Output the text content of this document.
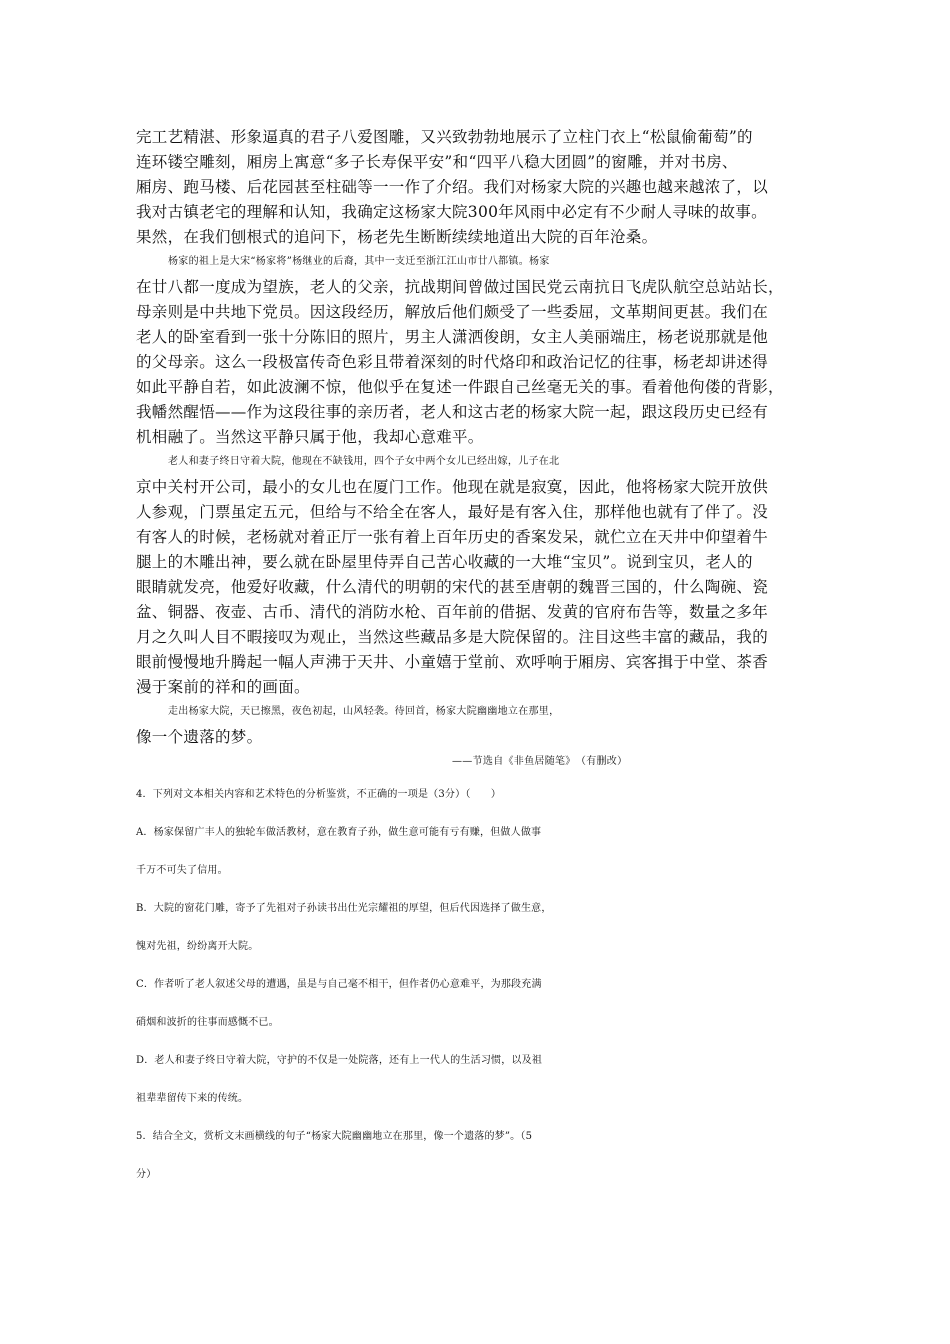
完工艺精湛、形象逼真的君子八爱图雕，又兴致勃勃地展示了立柱门衣上“松鼠偷葡萄”的
连环镂空雕刻，厢房上寓意“多子长寿保平安”和“四平八稳大团圆”的窗雕，并对书房、
厢房、跑马楼、后花园甚至柱础等一一作了介绍。我们对杨家大院的兴趣也越来越浓了，以
我对古镇老宅的理解和认知，我确定这杨家大院300年风雨中必定有不少耐人寻味的故事。
果然，在我们刨根式的追问下，杨老先生断断续续地道出大院的百年沧桑。
杨家的祖上是大宋“杨家将”杨继业的后裔，其中一支迁至浙江江山市廿八都镇。杨家
在廿八都一度成为望族，老人的父亲，抗战期间曾做过国民党云南抗日飞虎队航空总站站长，
母亲则是中共地下党员。因这段经历，解放后他们颇受了一些委屈，文革期间更甚。我们在
老人的卧室看到一张十分陈旧的照片，男主人潇洒俊朗，女主人美丽端庄，杨老说那就是他
的父母亲。这么一段极富传奇色彩且带着深刻的时代烙印和政治记忆的往事，杨老却讲述得
如此平静自若，如此波澜不惊，他似乎在复述一件跟自己丝毫无关的事。看着他佝偻的背影，
我幡然醒悟——作为这段往事的亲历者，老人和这古老的杨家大院一起，跟这段历史已经有
机相融了。当然这平静只属于他，我却心意难平。
老人和妻子终日守着大院，他现在不缺钱用，四个子女中两个女儿已经出嫁，儿子在北
京中关村开公司，最小的女儿也在厦门工作。他现在就是寂寞，因此，他将杨家大院开放供
人参观，门票虽定五元，但给与不给全在客人，最好是有客入住，那样他也就有了伴了。没
有客人的时候，老杨就对着正厅一张有着上百年历史的香案发呆，就伫立在天井中仰望着牛
腿上的木雕出神，要么就在卧屋里侍弄自己苦心收藏的一大堆“宝贝”。说到宝贝，老人的
眼睛就发亮，他爱好收藏，什么清代的明朝的宋代的甚至唐朝的魏晋三国的，什么陶碗、瓷
盆、铜器、夜壶、古币、清代的消防水枪、百年前的借据、发黄的官府布告等，数量之多年
月之久叫人目不暇接叹为观止，当然这些藏品多是大院保留的。注目这些丰富的藏品，我的
眼前慢慢地升腾起一幅人声沸于天井、小童嬉于堂前、欢呼响于厢房、宾客揖于中堂、茶香
漫于案前的祥和的画面。
走出杨家大院，天已擦黑，夜色初起，山风轻袭。待回首，杨家大院幽幽地立在那里，
像一个遗落的梦。
——节选自《非鱼居随笔》　（有删改）
4．下列对文本相关内容和艺术特色的分析鉴赏，不正确的一项是（3分）（　　）
A．杨家保留广丰人的独轮车做活教材，意在教育子孙，做生意可能有亏有赚，但做人做事
千万不可失了信用。
B．大院的窗花门雕，寄予了先祖对子孙读书出仕光宗耀祖的厚望，但后代因选择了做生意，
愧对先祖，纷纷离开大院。
C．作者听了老人叙述父母的遭遇，虽是与自己毫不相干，但作者仍心意难平，为那段充满
硝烟和波折的往事而感慨不已。
D．老人和妻子终日守着大院，守护的不仅是一处院落，还有上一代人的生活习惯，以及祖
祖辈辈留传下来的传统。
5．结合全文，赏析文末画横线的句子“杨家大院幽幽地立在那里，像一个遗落的梦”。（5
分）
